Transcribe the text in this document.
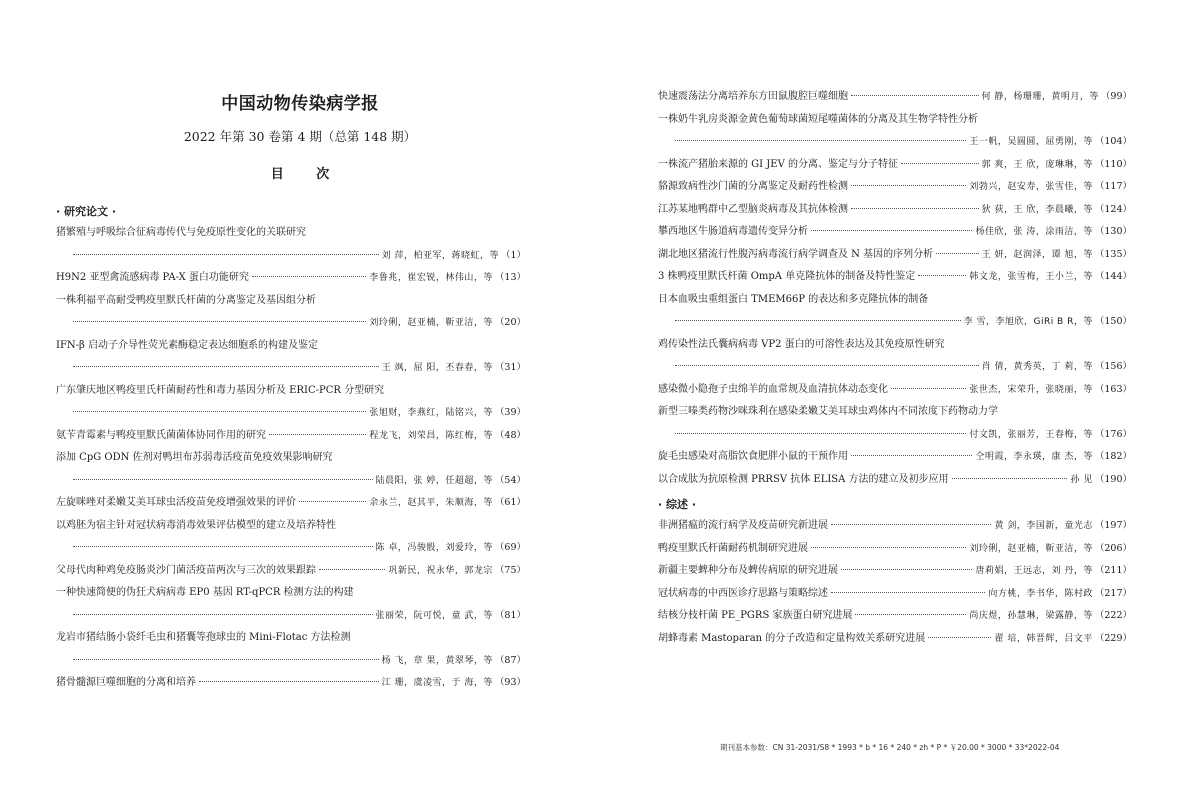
中国动物传染病学报
2022 年第 30 卷第 4 期（总第 148 期）
目 次
· 研究论文 ·
猪繁殖与呼吸综合征病毒传代与免疫原性变化的关联研究
刘 萍，柏亚军，蒋晓虹，等 （1）
H9N2 亚型禽流感病毒 PA-X 蛋白功能研究	李鲁兆，崔宏锐，林伟山，等 （13）
一株利福平高耐受鸭疫里默氏杆菌的分离鉴定及基因组分析
刘玲俐，赵亚楠，靳亚洁，等 （20）
IFN-β 启动子介导性荧光素酶稳定表达细胞系的构建及鉴定
王 飒，屈 阳，丕春春，等 （31）
广东肇庆地区鸭疫里氏杆菌耐药性和毒力基因分析及 ERIC-PCR 分型研究
张旭财，李燕红，陆铭兴，等 （39）
氨苄青霉素与鸭疫里默氏菌菌体协同作用的研究	程龙飞，刘荣昌，陈红梅，等 （48）
添加 CpG ODN 佐剂对鸭坦布苏弱毒活疫苗免疫效果影响研究
陆晨阳，张 婷，任超超，等 （54）
左旋咪唑对柔嫩艾美耳球虫活疫苗免疫增强效果的评价	余永兰，赵其平，朱顺海，等 （61）
以鸡胚为宿主针对冠状病毒消毒效果评估模型的建立及培养特性
陈 卓，冯骏骰，刘爱玲，等 （69）
父母代肉种鸡免疫肠炎沙门菌活疫苗两次与三次的效果跟踪	巩新民，祝永华，郭龙宗 （75）
一种快速简便的伪狂犬病病毒 EP0 基因 RT-qPCR 检测方法的构建
张丽荣，阮可悦，童 武，等 （81）
龙岩市猪结肠小袋纤毛虫和猪囊等孢球虫的 Mini-Flotac 方法检测
杨 飞，章 果，黄翠琴，等 （87）
猪骨髓源巨噬细胞的分离和培养	江 珊，虞凌雪，于 海，等 （93）
快速震荡法分离培养东方田鼠腹腔巨噬细胞	何 静，杨珊珊，黄明月，等 （99）
一株奶牛乳房炎源金黄色葡萄球菌短尾噬菌体的分离及其生物学特性分析
王一帆，吴圆圆，屈勇刚，等 （104）
一株流产猪胎来源的 GI JEV 的分离、鉴定与分子特征	郭 爽，王 欣，庞琳琳，等 （110）
貉源致病性沙门菌的分离鉴定及耐药性检测	刘勃兴，赵安寿，张雪佳，等 （117）
江苏某地鸭群中乙型脑炎病毒及其抗体检测	狄 荻，王 欣，李晨曦，等 （124）
攀西地区牛肠道病毒遗传变异分析	杨佳欣，张 涛，涂雨洁，等 （130）
湖北地区猪流行性腹泻病毒流行病学调查及 N 基因的序列分析	王 妍，赵润泽，谭 旭，等 （135）
3 株鸭疫里默氏杆菌 OmpA 单克隆抗体的制备及特性鉴定	韩文龙，张雪梅，王小兰，等 （144）
日本血吸虫重组蛋白 TMEM66P 的表达和多克隆抗体的制备
李 雪，李旭欣，GiRi B R，等 （150）
鸡传染性法氏囊病病毒 VP2 蛋白的可溶性表达及其免疫原性研究
肖 倩，黄秀英，丁 莉，等 （156）
感染微小隐孢子虫绵羊的血常规及血清抗体动态变化	张世杰，宋荣升，张晓丽，等 （163）
新型三嗪类药物沙咪珠利在感染柔嫩艾美耳球虫鸡体内不同浓度下药物动力学
付文凯，张丽芳，王春梅，等 （176）
旋毛虫感染对高脂饮食肥胖小鼠的干预作用	仝明霞，李永瑛，康 杰，等 （182）
以合成肽为抗原检测 PRRSV 抗体 ELISA 方法的建立及初步应用	孙 见 （190）
· 综述 ·
非洲猪瘟的流行病学及疫苗研究新进展	黄 剑，李国新，童光志 （197）
鸭疫里默氏杆菌耐药机制研究进展	刘玲俐，赵亚楠，靳亚洁，等 （206）
新疆主要蜱种分布及蜱传病原的研究进展	唐莉娟，王远志，刘 丹，等 （211）
冠状病毒的中西医诊疗思路与策略综述	向方桃，李书华，陈村政 （217）
结核分枝杆菌 PE_PGRS 家族蛋白研究进展	尚庆煜，孙慧琳，梁露静，等 （222）
胡蜂毒素 Mastoparan 的分子改造和定量构效关系研究进展	翟 培，韩晋辉，吕文平 （229）
期刊基本参数：CN 31-2031/S8 * 1993 * b * 16 * 240 * zh * P * ￥20.00 * 3000 * 33*2022-04
